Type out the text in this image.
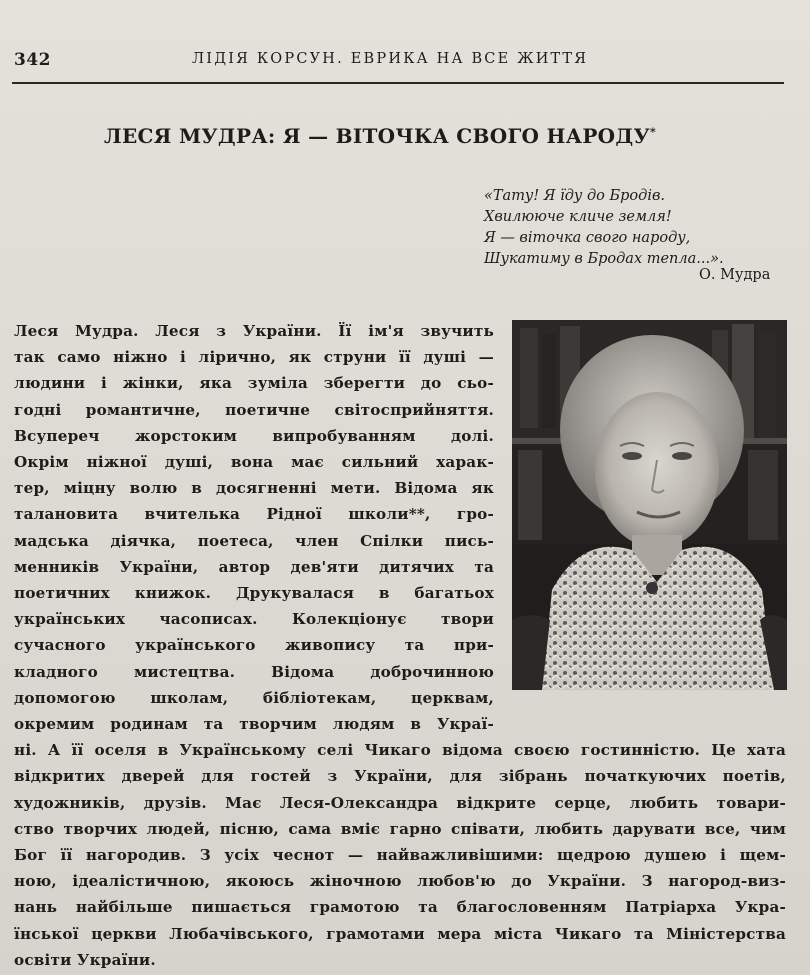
342	ЛІДІЯ КОРСУН. ЕВРИКА НА ВСЕ ЖИТТЯ
ЛЕСЯ МУДРА: Я — ВІТОЧКА СВОГО НАРОДУ*
«Тату! Я їду до Бродів.
Хвилююче кличе земля!
Я — віточка свого народу,
Шукатиму в Бродах тепла...».
О. Мудра
Леся Мудра. Леся з України. Її ім'я звучить
так само ніжно і лірично, як струни її душі —
людини і жінки, яка зуміла зберегти до сьо-
годні романтичне, поетичне світосприйняття.
Всупереч жорстоким випробуванням долі.
Окрім ніжної душі, вона має сильний харак-
тер, міцну волю в досягненні мети. Відома як
талановита вчителька Рідної школи**, гро-
мадська діячка, поетеса, член Спілки пись-
менників України, автор дев'яти дитячих та
поетичних книжок. Друкувалася в багатьох
українських часописах. Колекціонує твори
сучасного українського живопису та при-
кладного мистецтва. Відома доброчинною
допомогою школам, бібліотекам, церквам,
окремим родинам та творчим людям в Украї-
ні. А її оселя в Українському селі Чикаго відома своєю гостинністю. Це хата
відкритих дверей для гостей з України, для зібрань початкуючих поетів,
художників, друзів. Має Леся-Олександра відкрите серце, любить товари-
ство творчих людей, пісню, сама вміє гарно співати, любить дарувати все, чим
Бог її нагородив. З усіх чеснот — найважливішими: щедрою душею і щем-
ною, ідеалістичною, якоюсь жіночною любов'ю до України. З нагород-виз-
нань найбільше пишається грамотою та благословенням Патріарха Укра-
їнської церкви Любачівського, грамотами мера міста Чикаго та Міністерства
освіти України.
